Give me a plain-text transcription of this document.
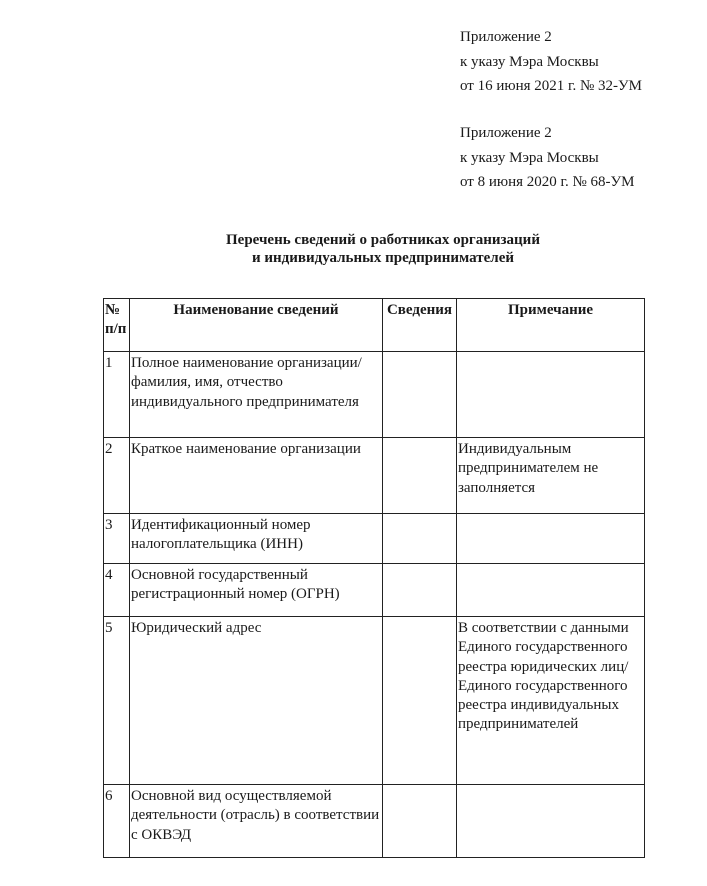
Приложение 2
к указу Мэра Москвы
от 16 июня 2021 г. № 32-УМ
Приложение 2
к указу Мэра Москвы
от 8 июня 2020 г. № 68-УМ
Перечень сведений о работниках организаций
и индивидуальных предпринимателей
№ п/п	Наименование сведений	Сведения	Примечание
1	Полное наименование организации/фамилия, имя, отчество индивидуального предпринимателя		
2	Краткое наименование организации		Индивидуальным предпринимателем не заполняется
3	Идентификационный номер налогоплательщика (ИНН)		
4	Основной государственный регистрационный номер (ОГРН)		
5	Юридический адрес		В соответствии с данными Единого государственного реестра юридических лиц/Единого государственного реестра индивидуальных предпринимателей
6	Основной вид осуществляемой деятельности (отрасль) в соответствии с ОКВЭД		
